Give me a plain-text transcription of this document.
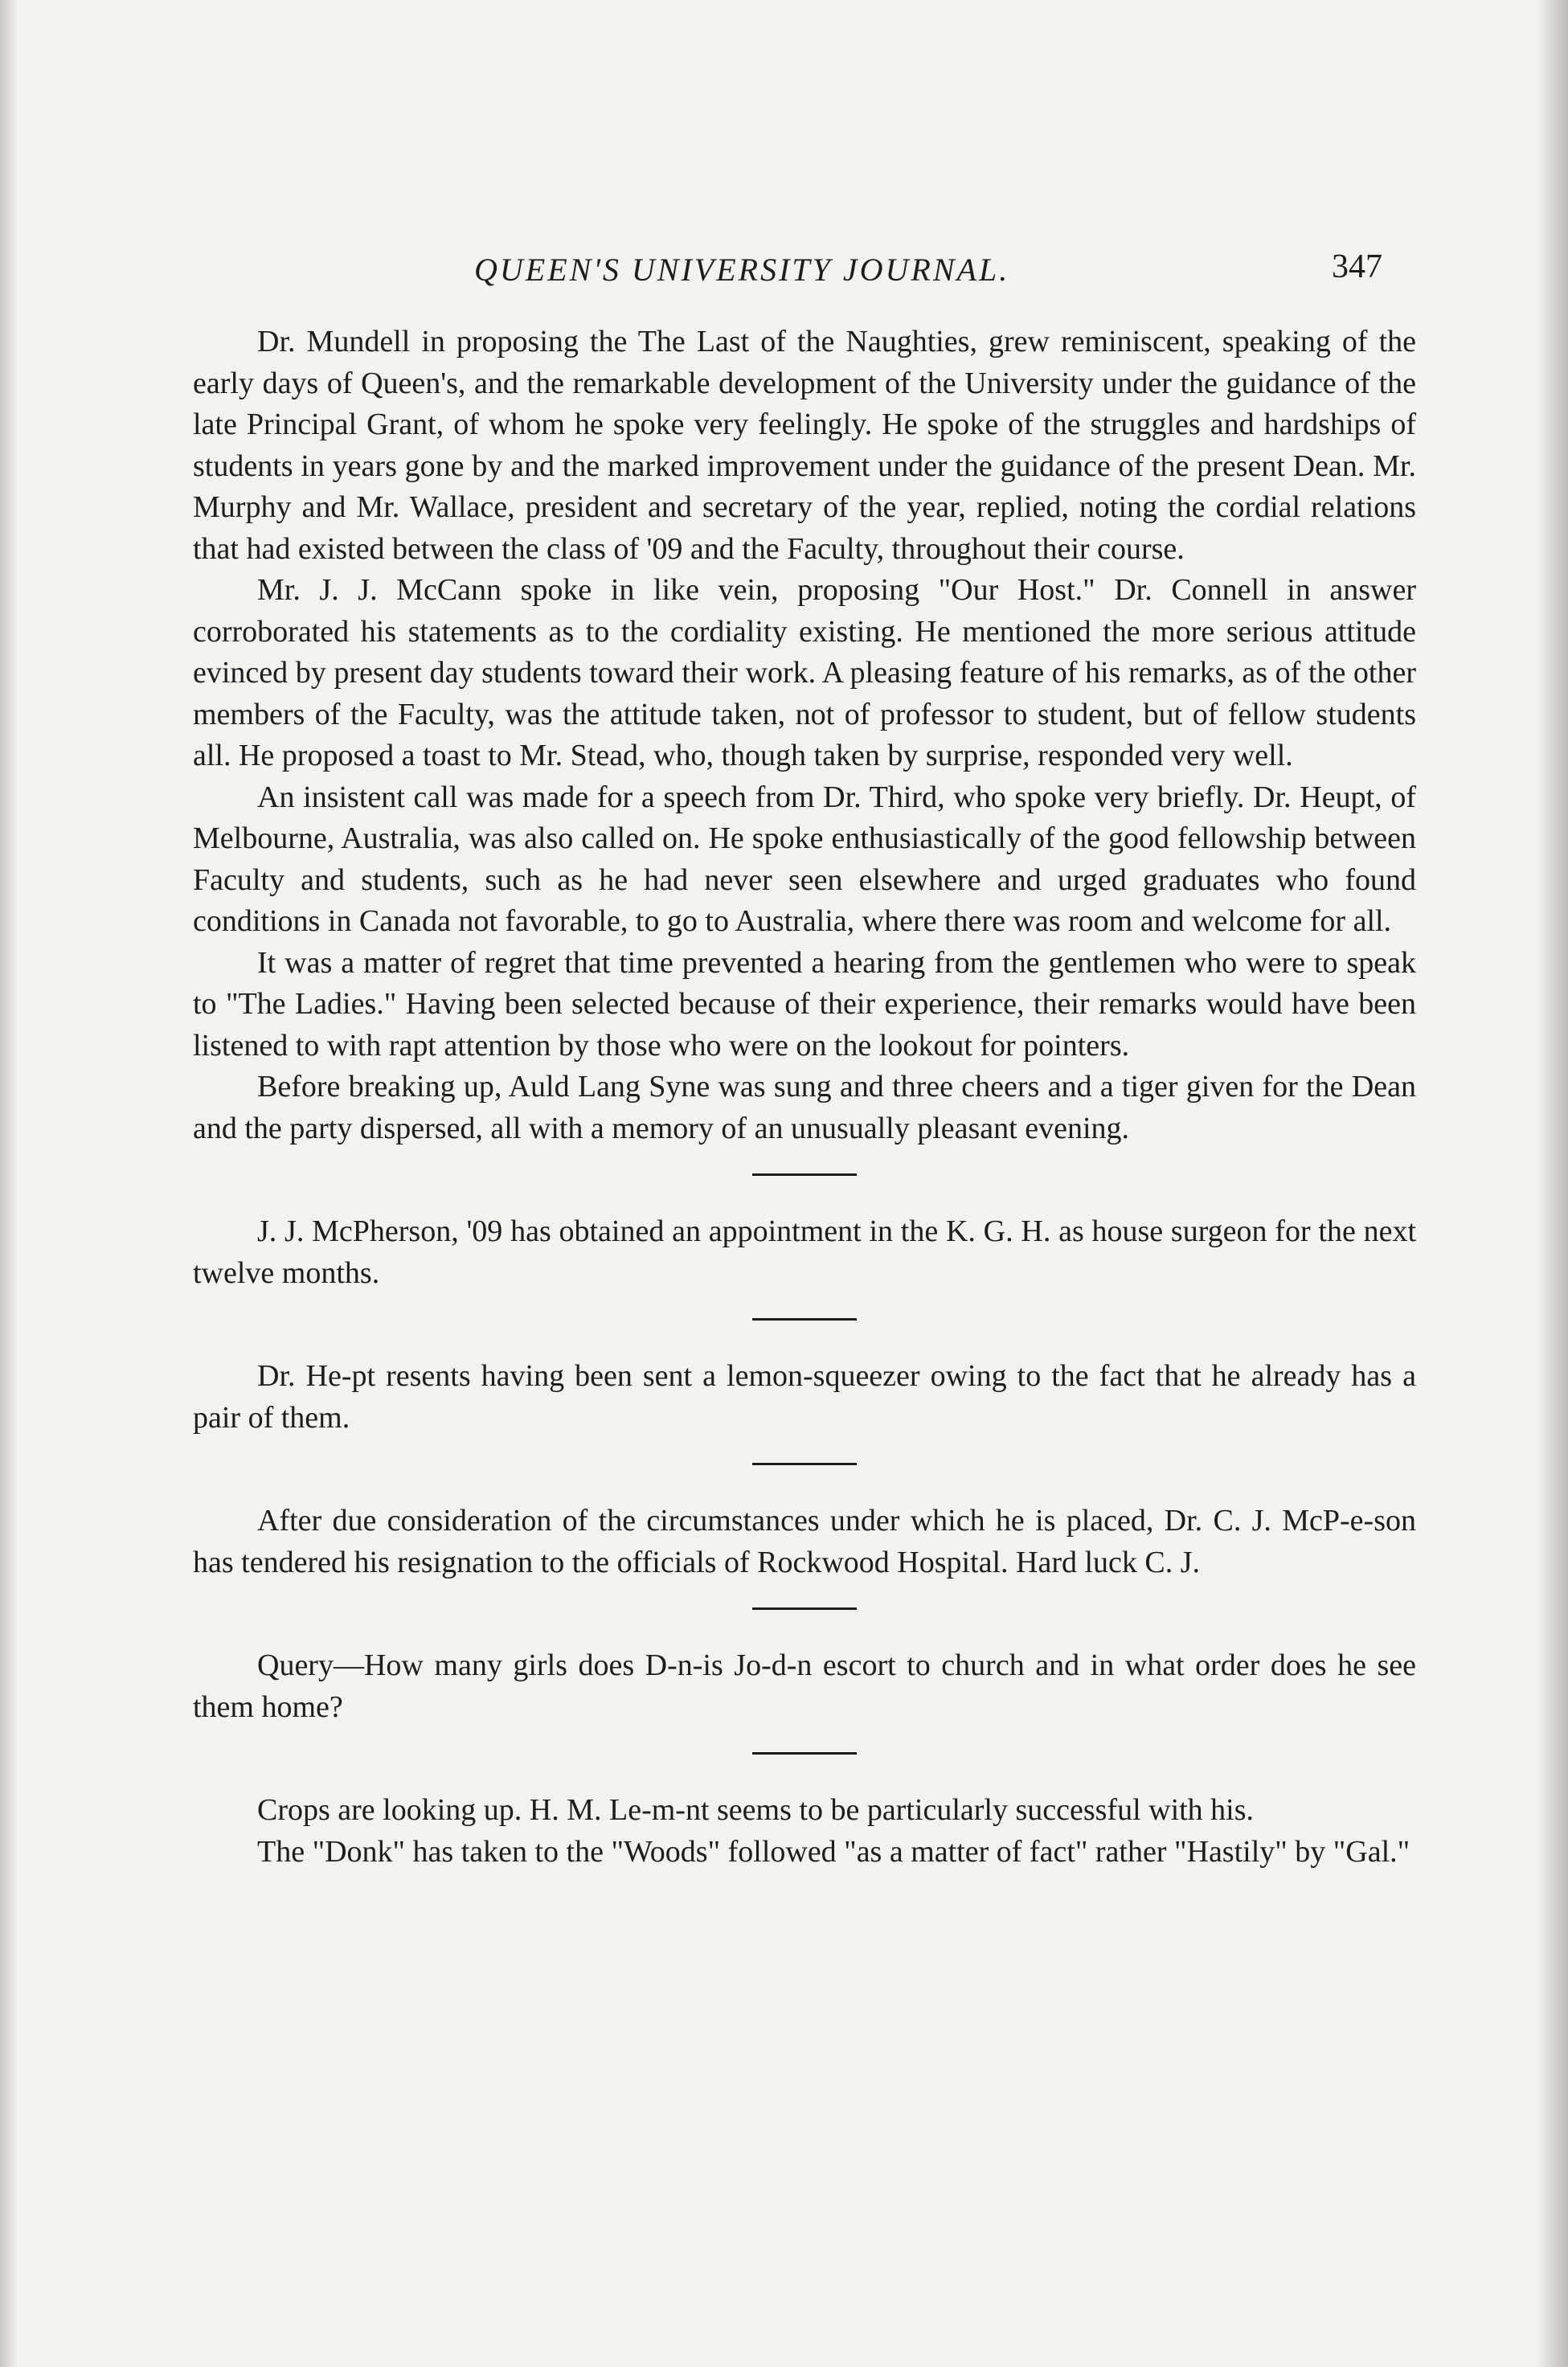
QUEEN'S UNIVERSITY JOURNAL.	347

Dr. Mundell in proposing the The Last of the Naughties, grew reminiscent, speaking of the early days of Queen's, and the remarkable development of the University under the guidance of the late Principal Grant, of whom he spoke very feelingly. He spoke of the struggles and hardships of students in years gone by and the marked improvement under the guidance of the present Dean. Mr. Murphy and Mr. Wallace, president and secretary of the year, replied, noting the cordial relations that had existed between the class of '09 and the Faculty, throughout their course.

Mr. J. J. McCann spoke in like vein, proposing "Our Host." Dr. Connell in answer corroborated his statements as to the cordiality existing. He mentioned the more serious attitude evinced by present day students toward their work. A pleasing feature of his remarks, as of the other members of the Faculty, was the attitude taken, not of professor to student, but of fellow students all. He proposed a toast to Mr. Stead, who, though taken by surprise, responded very well.

An insistent call was made for a speech from Dr. Third, who spoke very briefly. Dr. Heupt, of Melbourne, Australia, was also called on. He spoke enthusiastically of the good fellowship between Faculty and students, such as he had never seen elsewhere and urged graduates who found conditions in Canada not favorable, to go to Australia, where there was room and welcome for all.

It was a matter of regret that time prevented a hearing from the gentlemen who were to speak to "The Ladies." Having been selected because of their experience, their remarks would have been listened to with rapt attention by those who were on the lookout for pointers.

Before breaking up, Auld Lang Syne was sung and three cheers and a tiger given for the Dean and the party dispersed, all with a memory of an unusually pleasant evening.

J. J. McPherson, '09 has obtained an appointment in the K. G. H. as house surgeon for the next twelve months.

Dr. He-pt resents having been sent a lemon-squeezer owing to the fact that he already has a pair of them.

After due consideration of the circumstances under which he is placed, Dr. C. J. McP-e-son has tendered his resignation to the officials of Rockwood Hospital. Hard luck C. J.

Query—How many girls does D-n-is Jo-d-n escort to church and in what order does he see them home?

Crops are looking up. H. M. Le-m-nt seems to be particularly successful with his.

The "Donk" has taken to the "Woods" followed "as a matter of fact" rather "Hastily" by "Gal."
